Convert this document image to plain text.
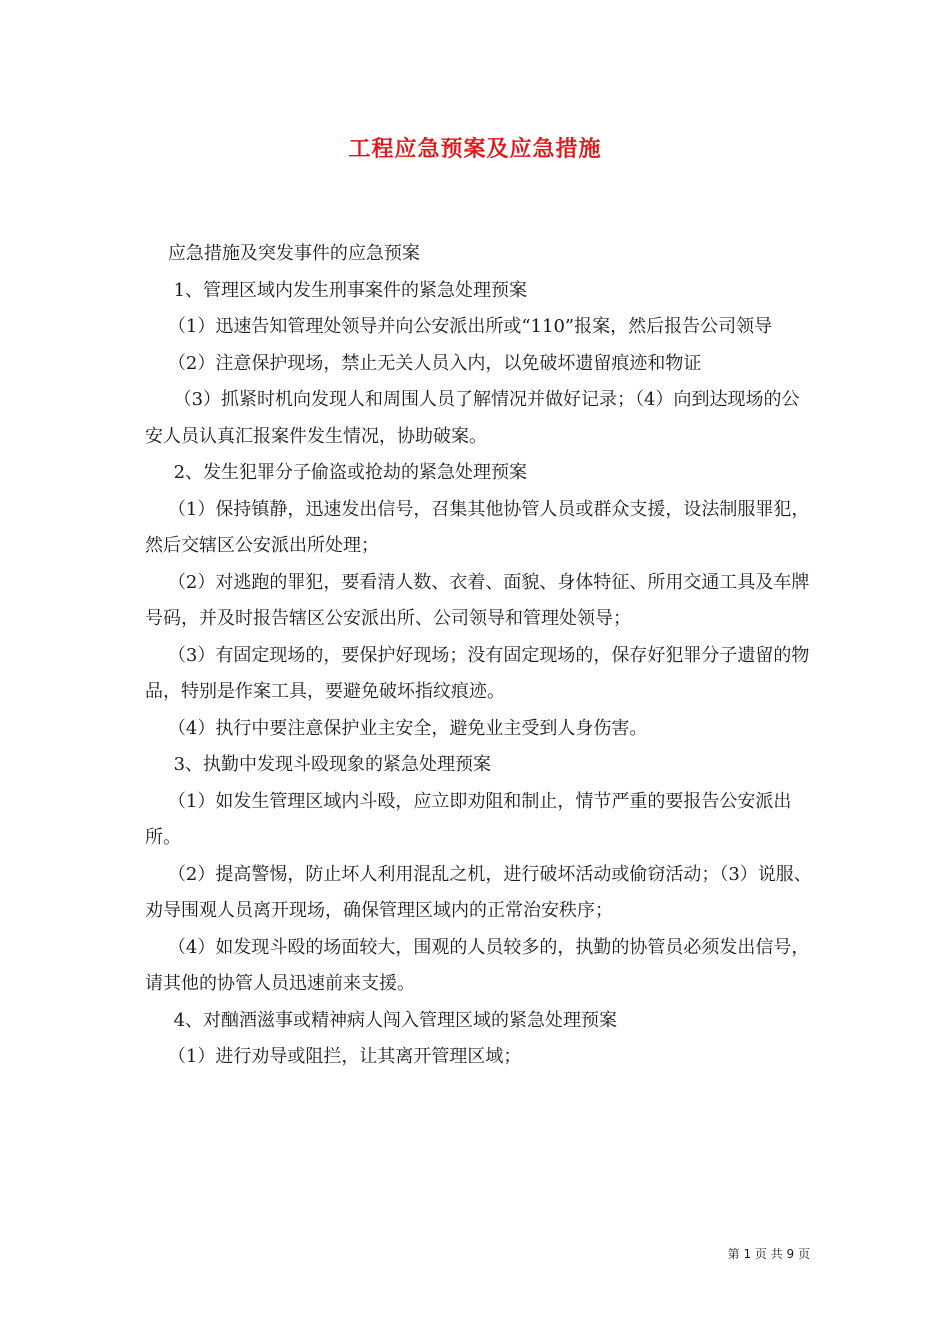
工程应急预案及应急措施

应急措施及突发事件的应急预案

1、管理区域内发生刑事案件的紧急处理预案

（1）迅速告知管理处领导并向公安派出所或“110”报案，然后报告公司领导

（2）注意保护现场，禁止无关人员入内，以免破坏遗留痕迹和物证

（3）抓紧时机向发现人和周围人员了解情况并做好记录；（4）向到达现场的公安人员认真汇报案件发生情况，协助破案。

2、发生犯罪分子偷盗或抢劫的紧急处理预案

（1）保持镇静，迅速发出信号，召集其他协管人员或群众支援，设法制服罪犯，然后交辖区公安派出所处理；

（2）对逃跑的罪犯，要看清人数、衣着、面貌、身体特征、所用交通工具及车牌号码，并及时报告辖区公安派出所、公司领导和管理处领导；

（3）有固定现场的，要保护好现场；没有固定现场的，保存好犯罪分子遗留的物品，特别是作案工具，要避免破坏指纹痕迹。

（4）执行中要注意保护业主安全，避免业主受到人身伤害。

3、执勤中发现斗殴现象的紧急处理预案

（1）如发生管理区域内斗殴，应立即劝阻和制止，情节严重的要报告公安派出所。

（2）提高警惕，防止坏人利用混乱之机，进行破坏活动或偷窃活动；（3）说服、劝导围观人员离开现场，确保管理区域内的正常治安秩序；

（4）如发现斗殴的场面较大，围观的人员较多的，执勤的协管员必须发出信号，请其他的协管人员迅速前来支援。

4、对酗酒滋事或精神病人闯入管理区域的紧急处理预案

（1）进行劝导或阻拦，让其离开管理区域；

第 1 页 共 9 页
